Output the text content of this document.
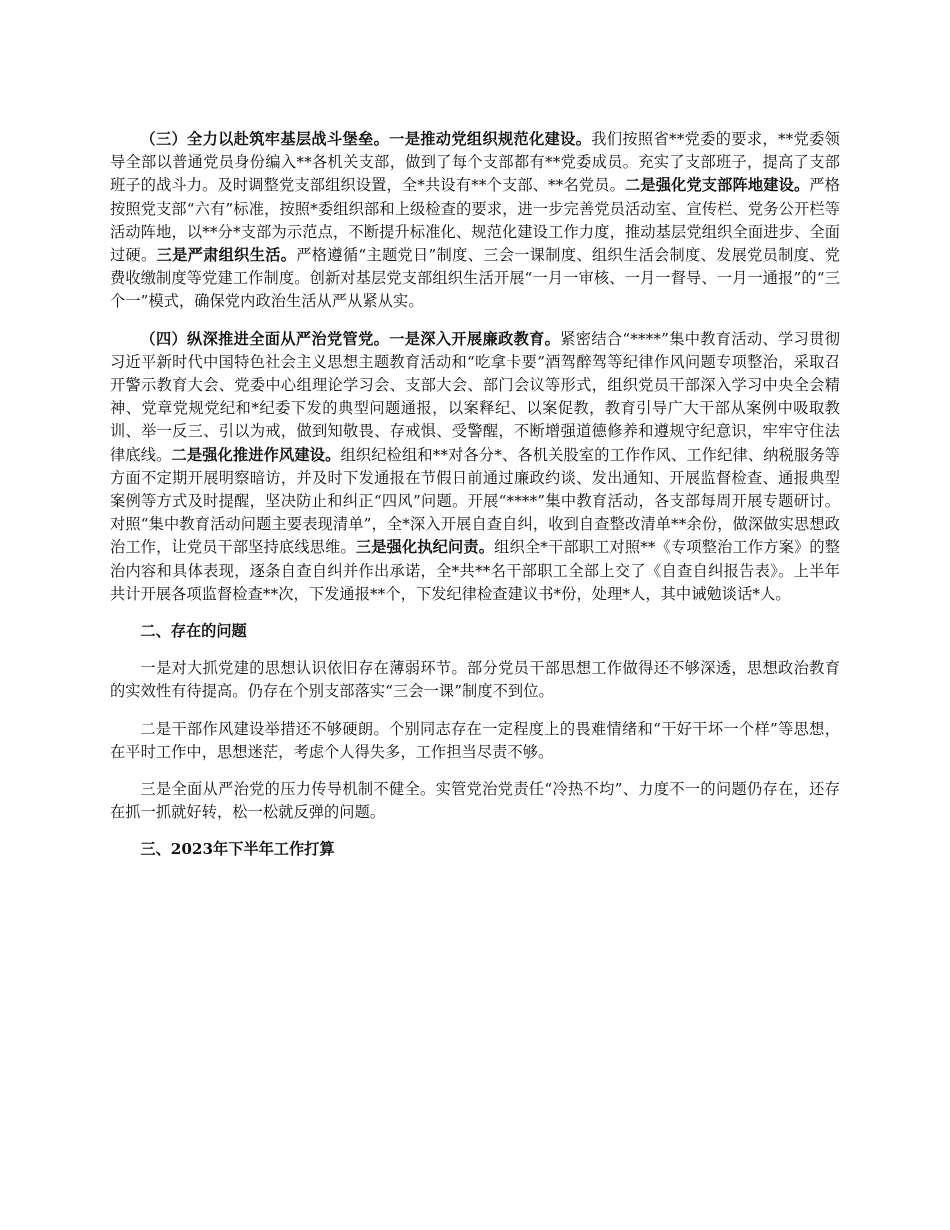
（三）全力以赴筑牢基层战斗堡垒。一是推动党组织规范化建设。我们按照省**党委的要求，**党委领导全部以普通党员身份编入**各机关支部，做到了每个支部都有**党委成员。充实了支部班子，提高了支部班子的战斗力。及时调整党支部组织设置，全*共设有**个支部、**名党员。二是强化党支部阵地建设。严格按照党支部“六有”标准，按照*委组织部和上级检查的要求，进一步完善党员活动室、宣传栏、党务公开栏等活动阵地，以**分*支部为示范点，不断提升标准化、规范化建设工作力度，推动基层党组织全面进步、全面过硬。三是严肃组织生活。严格遵循“主题党日”制度、三会一课制度、组织生活会制度、发展党员制度、党费收缴制度等党建工作制度。创新对基层党支部组织生活开展“一月一审核、一月一督导、一月一通报”的“三个一”模式，确保党内政治生活从严从紧从实。

（四）纵深推进全面从严治党管党。一是深入开展廉政教育。紧密结合“****”集中教育活动、学习贯彻习近平新时代中国特色社会主义思想主题教育活动和“吃拿卡要”酒驾醉驾等纪律作风问题专项整治，采取召开警示教育大会、党委中心组理论学习会、支部大会、部门会议等形式，组织党员干部深入学习中央全会精神、党章党规党纪和*纪委下发的典型问题通报，以案释纪、以案促教，教育引导广大干部从案例中吸取教训、举一反三、引以为戒，做到知敬畏、存戒惧、受警醒，不断增强道德修养和遵规守纪意识，牢牢守住法律底线。二是强化推进作风建设。组织纪检组和**对各分*、各机关股室的工作作风、工作纪律、纳税服务等方面不定期开展明察暗访，并及时下发通报在节假日前通过廉政约谈、发出通知、开展监督检查、通报典型案例等方式及时提醒，坚决防止和纠正“四风”问题。开展“****”集中教育活动，各支部每周开展专题研讨。对照“集中教育活动问题主要表现清单”，全*深入开展自查自纠，收到自查整改清单**余份，做深做实思想政治工作，让党员干部坚持底线思维。三是强化执纪问责。组织全*干部职工对照**《专项整治工作方案》的整治内容和具体表现，逐条自查自纠并作出承诺，全*共**名干部职工全部上交了《自查自纠报告表》。上半年共计开展各项监督检查**次，下发通报**个，下发纪律检查建议书*份，处理*人，其中诫勉谈话*人。

二、存在的问题

一是对大抓党建的思想认识依旧存在薄弱环节。部分党员干部思想工作做得还不够深透，思想政治教育的实效性有待提高。仍存在个别支部落实“三会一课”制度不到位。

二是干部作风建设举措还不够硬朗。个别同志存在一定程度上的畏难情绪和“干好干坏一个样”等思想，在平时工作中，思想迷茫，考虑个人得失多，工作担当尽责不够。

三是全面从严治党的压力传导机制不健全。实管党治党责任“冷热不均”、力度不一的问题仍存在，还存在抓一抓就好转，松一松就反弹的问题。

三、2023年下半年工作打算
